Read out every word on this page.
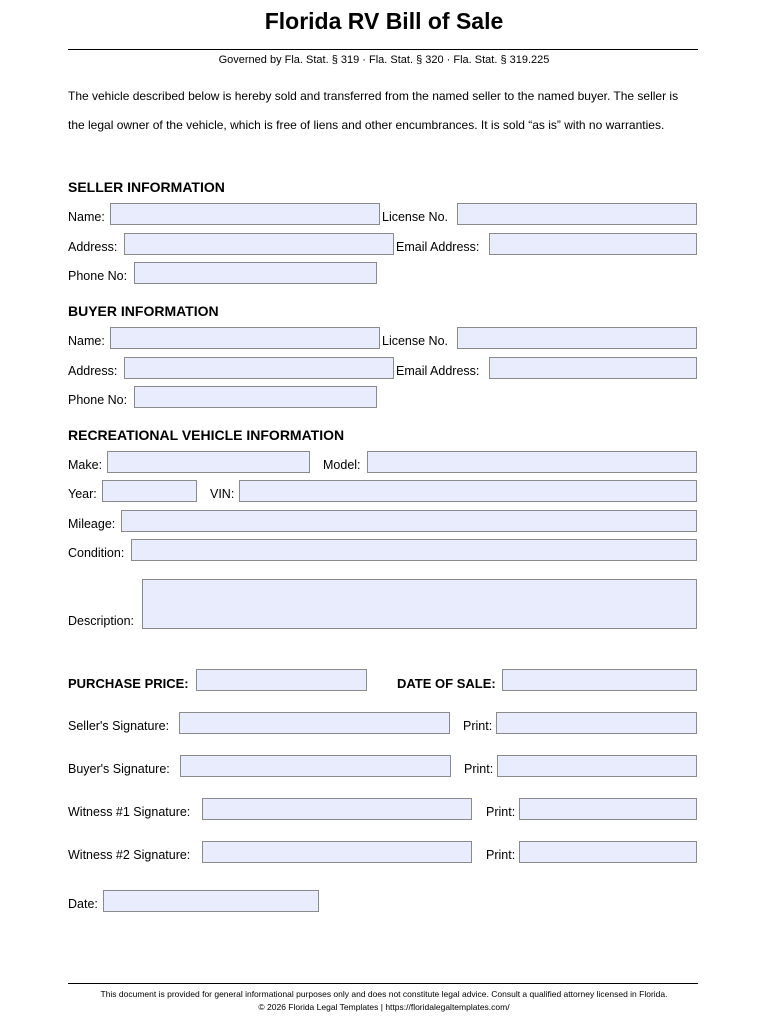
Florida RV Bill of Sale
Governed by Fla. Stat. § 319 · Fla. Stat. § 320 · Fla. Stat. § 319.225
The vehicle described below is hereby sold and transferred from the named seller to the named buyer. The seller is the legal owner of the vehicle, which is free of liens and other encumbrances. It is sold “as is” with no warranties.
SELLER INFORMATION
Name:	License No.
Address:	Email Address:
Phone No:
BUYER INFORMATION
Name:	License No.
Address:	Email Address:
Phone No:
RECREATIONAL VEHICLE INFORMATION
Make:	Model:
Year:	VIN:
Mileage:
Condition:
Description:
PURCHASE PRICE:	DATE OF SALE:
Seller's Signature:	Print:
Buyer's Signature:	Print:
Witness #1 Signature:	Print:
Witness #2 Signature:	Print:
Date:
This document is provided for general informational purposes only and does not constitute legal advice. Consult a qualified attorney licensed in Florida.
© 2026 Florida Legal Templates | https://floridalegaltemplates.com/
